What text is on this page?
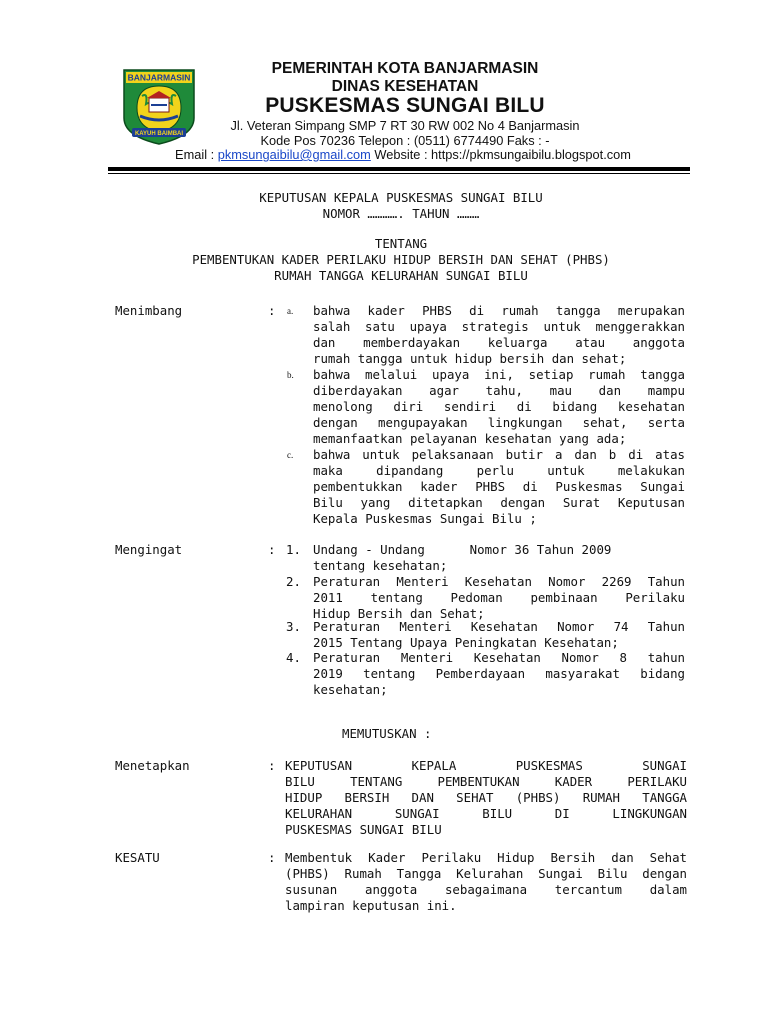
BANJARMASIN
KAYUH BAIMBAI
PEMERINTAH KOTA BANJARMASIN
DINAS KESEHATAN
PUSKESMAS SUNGAI BILU
Jl. Veteran Simpang SMP 7 RT 30 RW 002 No 4 Banjarmasin
Kode Pos 70236 Telepon : (0511) 6774490 Faks : -
Email : pkmsungaibilu@gmail.com Website : https://pkmsungaibilu.blogspot.com
KEPUTUSAN KEPALA PUSKESMAS SUNGAI BILU
NOMOR …………. TAHUN ………
TENTANG
PEMBENTUKAN KADER PERILAKU HIDUP BERSIH DAN SEHAT (PHBS)
RUMAH TANGGA KELURAHAN SUNGAI BILU
Menimbang	: a. bahwa kader PHBS di rumah tangga merupakan
salah satu upaya strategis untuk menggerakkan
dan memberdayakan keluarga atau anggota
rumah tangga untuk hidup bersih dan sehat;
b. bahwa melalui upaya ini, setiap rumah tangga
diberdayakan agar tahu, mau dan mampu
menolong diri sendiri di bidang kesehatan
dengan mengupayakan lingkungan sehat, serta
memanfaatkan pelayanan kesehatan yang ada;
c. bahwa untuk pelaksanaan butir a dan b di atas
maka dipandang perlu untuk melakukan
pembentukkan kader PHBS di Puskesmas Sungai
Bilu yang ditetapkan dengan Surat Keputusan
Kepala Puskesmas Sungai Bilu ;
Mengingat	: 1. Undang - Undang      Nomor 36 Tahun 2009
tentang kesehatan;
2. Peraturan Menteri Kesehatan Nomor 2269 Tahun
2011 tentang Pedoman pembinaan Perilaku
Hidup Bersih dan Sehat;
3. Peraturan Menteri Kesehatan Nomor 74 Tahun
2015 Tentang Upaya Peningkatan Kesehatan;
4. Peraturan Menteri Kesehatan Nomor 8 tahun
2019 tentang Pemberdayaan masyarakat bidang
kesehatan;
MEMUTUSKAN :
Menetapkan	: KEPUTUSAN KEPALA PUSKESMAS SUNGAI
BILU TENTANG PEMBENTUKAN KADER PERILAKU
HIDUP BERSIH DAN SEHAT (PHBS) RUMAH TANGGA
KELURAHAN SUNGAI BILU DI LINGKUNGAN
PUSKESMAS SUNGAI BILU
KESATU	: Membentuk Kader Perilaku Hidup Bersih dan Sehat
(PHBS) Rumah Tangga Kelurahan Sungai Bilu dengan
susunan anggota sebagaimana tercantum dalam
lampiran keputusan ini.
